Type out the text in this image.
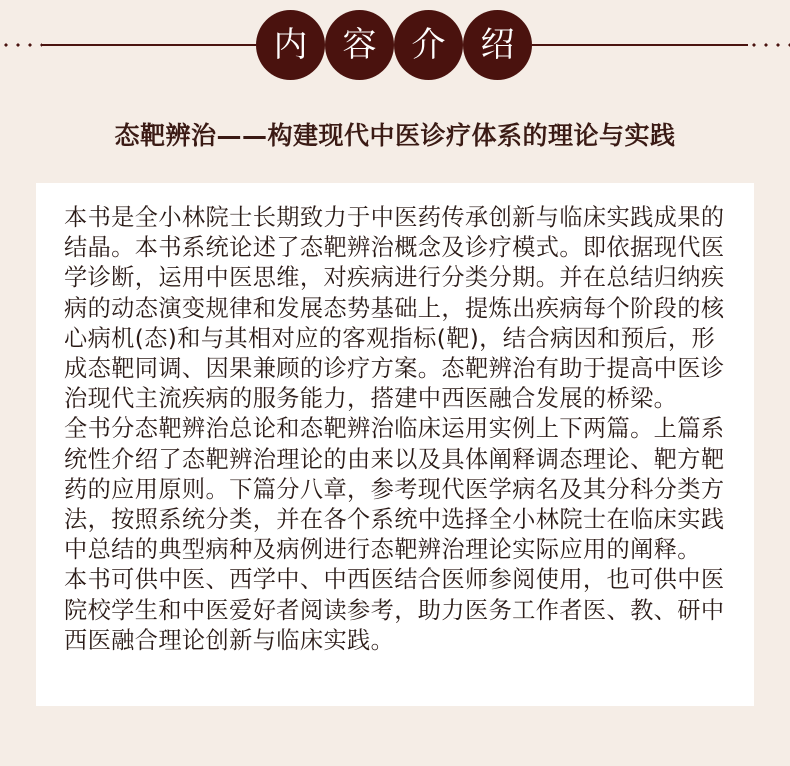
内	容	介	绍
态靶辨治——构建现代中医诊疗体系的理论与实践

本书是全小林院士长期致力于中医药传承创新与临床实践成果的结晶。本书系统论述了态靶辨治概念及诊疗模式。即依据现代医学诊断，运用中医思维，对疾病进行分类分期。并在总结归纳疾病的动态演变规律和发展态势基础上，提炼出疾病每个阶段的核心病机(态)和与其相对应的客观指标(靶)，结合病因和预后，形成态靶同调、因果兼顾的诊疗方案。态靶辨治有助于提高中医诊治现代主流疾病的服务能力，搭建中西医融合发展的桥梁。

全书分态靶辨治总论和态靶辨治临床运用实例上下两篇。上篇系统性介绍了态靶辨治理论的由来以及具体阐释调态理论、靶方靶药的应用原则。下篇分八章，参考现代医学病名及其分科分类方法，按照系统分类，并在各个系统中选择全小林院士在临床实践中总结的典型病种及病例进行态靶辨治理论实际应用的阐释。

本书可供中医、西学中、中西医结合医师参阅使用，也可供中医院校学生和中医爱好者阅读参考，助力医务工作者医、教、研中西医融合理论创新与临床实践。
